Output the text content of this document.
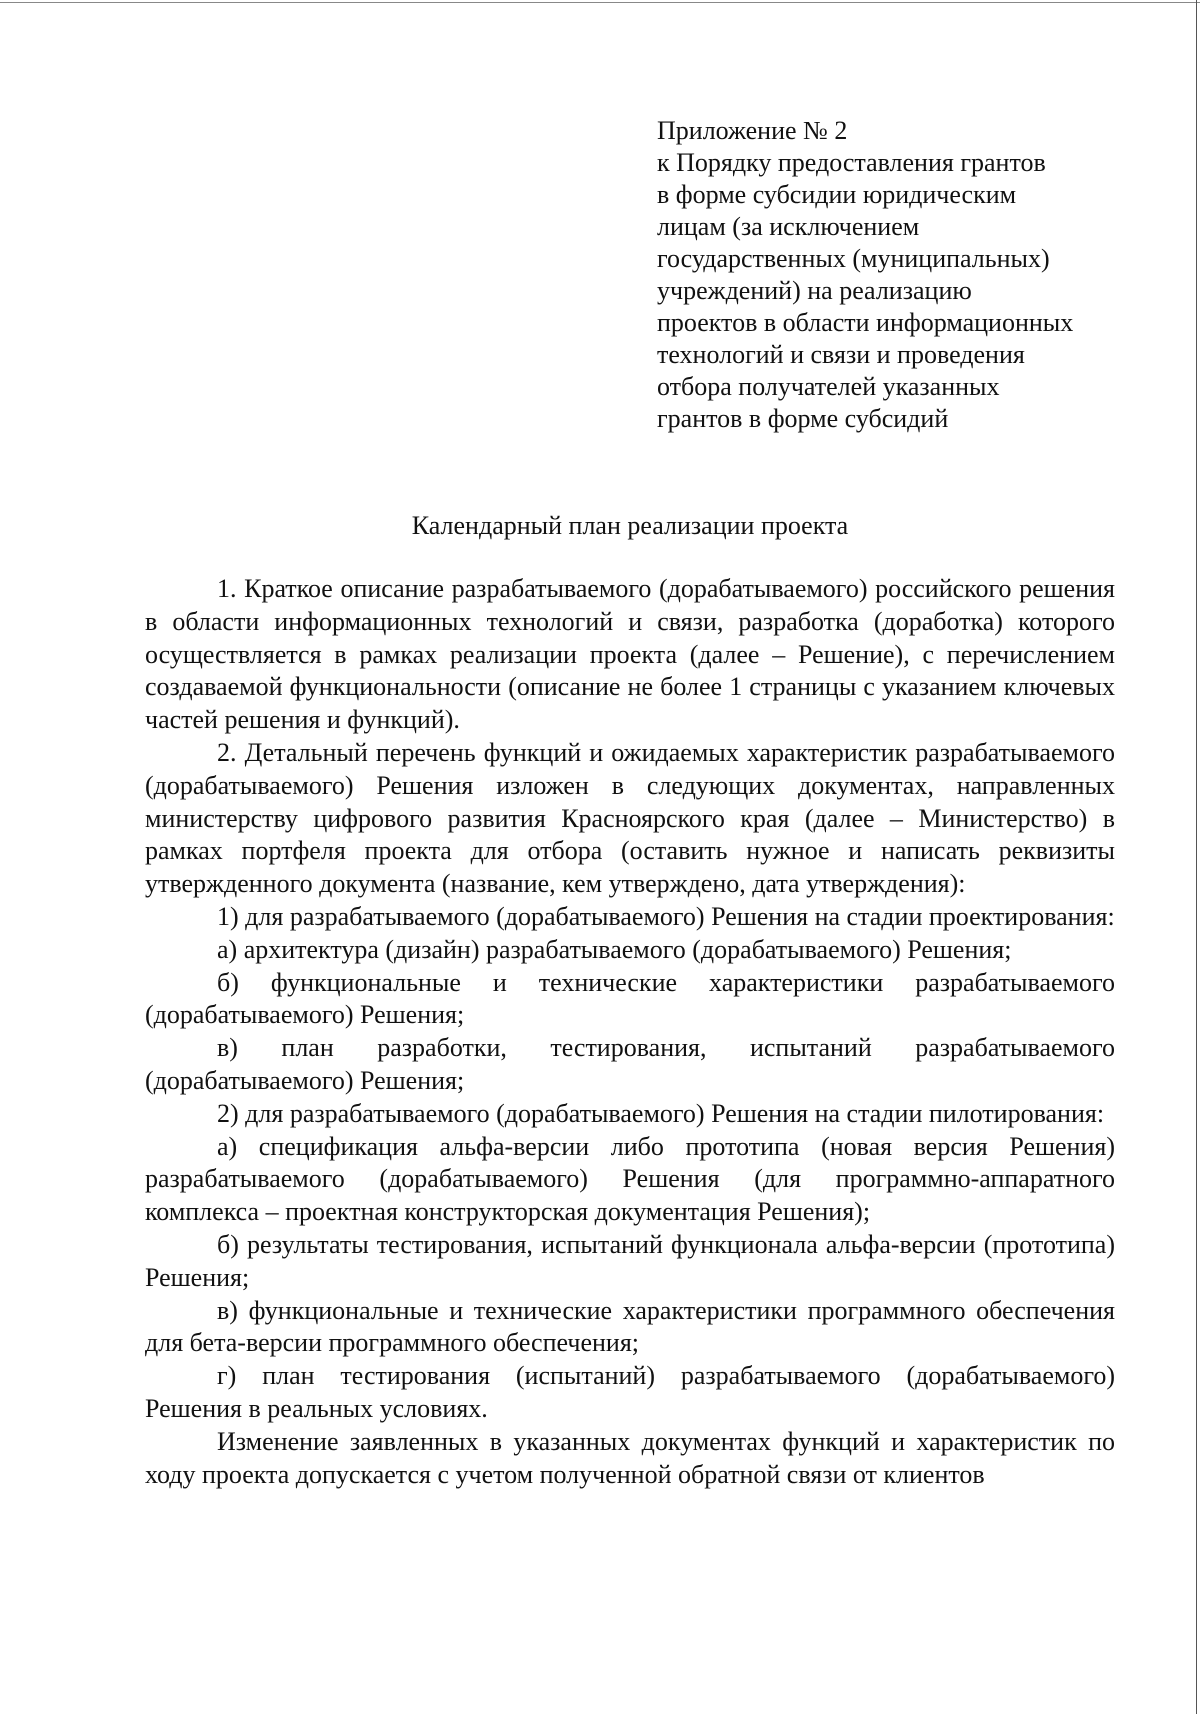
Приложение № 2
к Порядку предоставления грантов
в форме субсидии юридическим
лицам (за исключением
государственных (муниципальных)
учреждений) на реализацию
проектов в области информационных
технологий и связи и проведения
отбора получателей указанных
грантов в форме субсидий
Календарный план реализации проекта

1. Краткое описание разрабатываемого (дорабатываемого) российского решения в области информационных технологий и связи, разработка (доработка) которого осуществляется в рамках реализации проекта (далее – Решение), с перечислением создаваемой функциональности (описание не более 1 страницы с указанием ключевых частей решения и функций).

2. Детальный перечень функций и ожидаемых характеристик разрабатываемого (дорабатываемого) Решения изложен в следующих документах, направленных министерству цифрового развития Красноярского края (далее – Министерство) в рамках портфеля проекта для отбора (оставить нужное и написать реквизиты утвержденного документа (название, кем утверждено, дата утверждения):

1) для разрабатываемого (дорабатываемого) Решения на стадии проектирования:

а) архитектура (дизайн) разрабатываемого (дорабатываемого) Решения;

б) функциональные и технические характеристики разрабатываемого (дорабатываемого) Решения;

в) план разработки, тестирования, испытаний разрабатываемого (дорабатываемого) Решения;

2) для разрабатываемого (дорабатываемого) Решения на стадии пилотирования:

а) спецификация альфа-версии либо прототипа (новая версия Решения) разрабатываемого (дорабатываемого) Решения (для программно-аппаратного комплекса – проектная конструкторская документация Решения);

б) результаты тестирования, испытаний функционала альфа-версии (прототипа) Решения;

в) функциональные и технические характеристики программного обеспечения для бета-версии программного обеспечения;

г) план тестирования (испытаний) разрабатываемого (дорабатываемого) Решения в реальных условиях.

Изменение заявленных в указанных документах функций и характеристик по ходу проекта допускается с учетом полученной обратной связи от клиентов
